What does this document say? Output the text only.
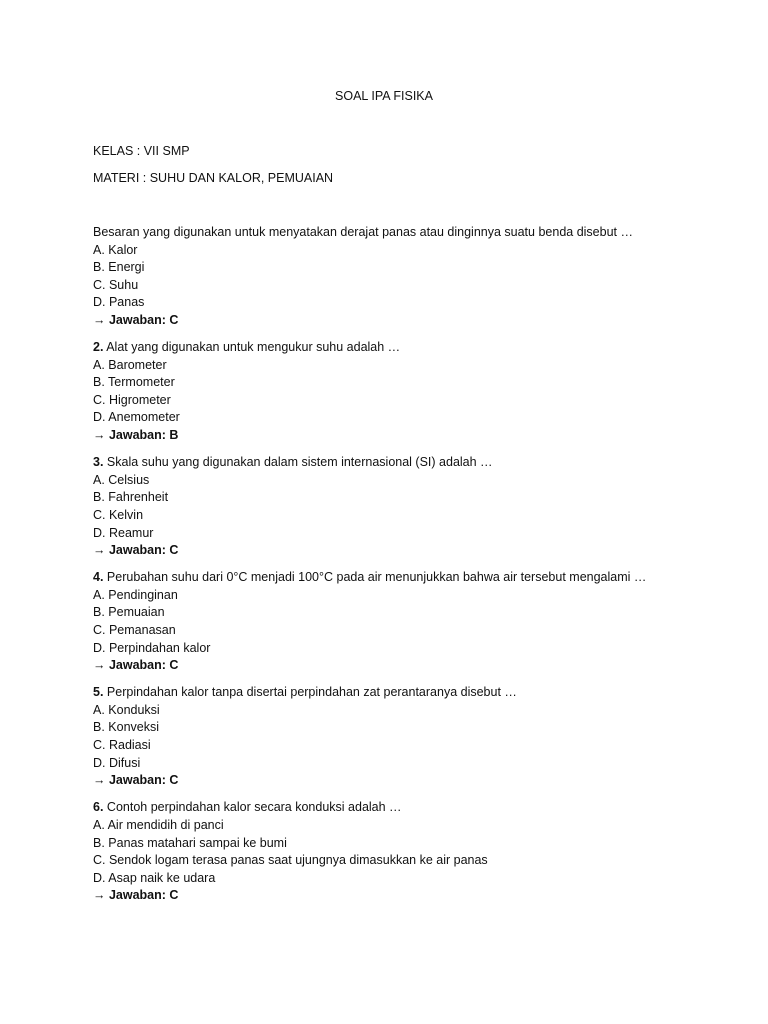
SOAL IPA FISIKA
KELAS : VII SMP
MATERI : SUHU DAN KALOR, PEMUAIAN
Besaran yang digunakan untuk menyatakan derajat panas atau dinginnya suatu benda disebut …
A. Kalor
B. Energi
C. Suhu
D. Panas
→ Jawaban: C
2. Alat yang digunakan untuk mengukur suhu adalah …
A. Barometer
B. Termometer
C. Higrometer
D. Anemometer
→ Jawaban: B
3. Skala suhu yang digunakan dalam sistem internasional (SI) adalah …
A. Celsius
B. Fahrenheit
C. Kelvin
D. Reamur
→ Jawaban: C
4. Perubahan suhu dari 0°C menjadi 100°C pada air menunjukkan bahwa air tersebut mengalami …
A. Pendinginan
B. Pemuaian
C. Pemanasan
D. Perpindahan kalor
→ Jawaban: C
5. Perpindahan kalor tanpa disertai perpindahan zat perantaranya disebut …
A. Konduksi
B. Konveksi
C. Radiasi
D. Difusi
→ Jawaban: C
6. Contoh perpindahan kalor secara konduksi adalah …
A. Air mendidih di panci
B. Panas matahari sampai ke bumi
C. Sendok logam terasa panas saat ujungnya dimasukkan ke air panas
D. Asap naik ke udara
→ Jawaban: C
